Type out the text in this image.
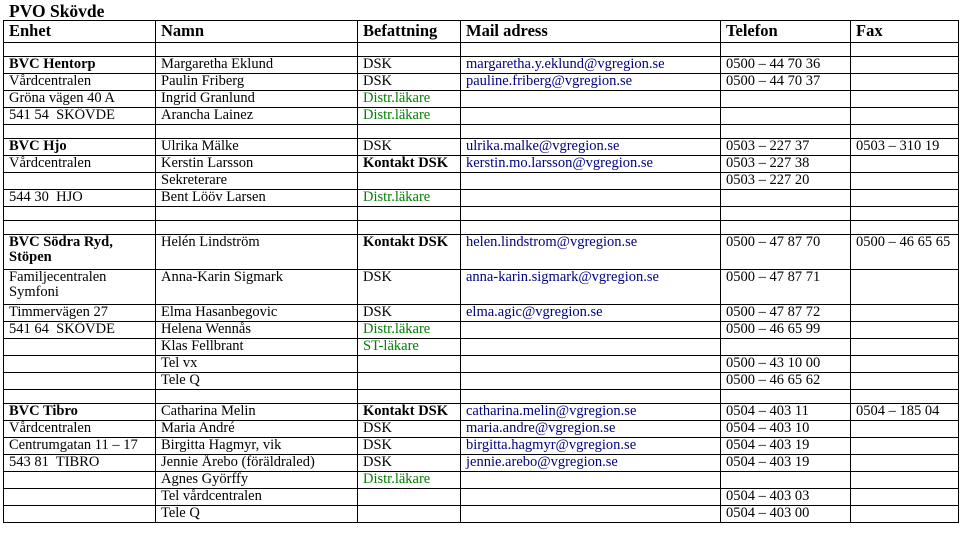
PVO Skövde
Enhet	Namn	Befattning	Mail adress	Telefon	Fax

BVC Hentorp	Margaretha Eklund	DSK	margaretha.y.eklund@vgregion.se	0500 – 44 70 36	
Vårdcentralen	Paulin Friberg	DSK	pauline.friberg@vgregion.se	0500 – 44 70 37	
Gröna vägen 40 A	Ingrid Granlund	Distr.läkare			
541 54  SKÖVDE	Arancha Lainez	Distr.läkare			

BVC Hjo	Ulrika Mälke	DSK	ulrika.malke@vgregion.se	0503 – 227 37	0503 – 310 19
Vårdcentralen	Kerstin Larsson	Kontakt DSK	kerstin.mo.larsson@vgregion.se	0503 – 227 38	
	Sekreterare			0503 – 227 20	
544 30  HJO	Bent Lööv Larsen	Distr.läkare			

BVC Södra Ryd,
Stöpen	Helén Lindström	Kontakt DSK	helen.lindstrom@vgregion.se	0500 – 47 87 70	0500 – 46 65 65
Familjecentralen
Symfoni	Anna-Karin Sigmark	DSK	anna-karin.sigmark@vgregion.se	0500 – 47 87 71	
Timmervägen 27	Elma Hasanbegovic	DSK	elma.agic@vgregion.se	0500 – 47 87 72	
541 64  SKÖVDE	Helena Wennås	Distr.läkare		0500 – 46 65 99	
	Klas Fellbrant	ST-läkare			
	Tel vx			0500 – 43 10 00	
	Tele Q			0500 – 46 65 62	

BVC Tibro	Catharina Melin	Kontakt DSK	catharina.melin@vgregion.se	0504 – 403 11	0504 – 185 04
Vårdcentralen	Maria André	DSK	maria.andre@vgregion.se	0504 – 403 10	
Centrumgatan 11 – 17	Birgitta Hagmyr, vik	DSK	birgitta.hagmyr@vgregion.se	0504 – 403 19	
543 81  TIBRO	Jennie Årebo (föräldraled)	DSK	jennie.arebo@vgregion.se	0504 – 403 19	
	Agnes Györffy	Distr.läkare			
	Tel vårdcentralen			0504 – 403 03	
	Tele Q			0504 – 403 00	
